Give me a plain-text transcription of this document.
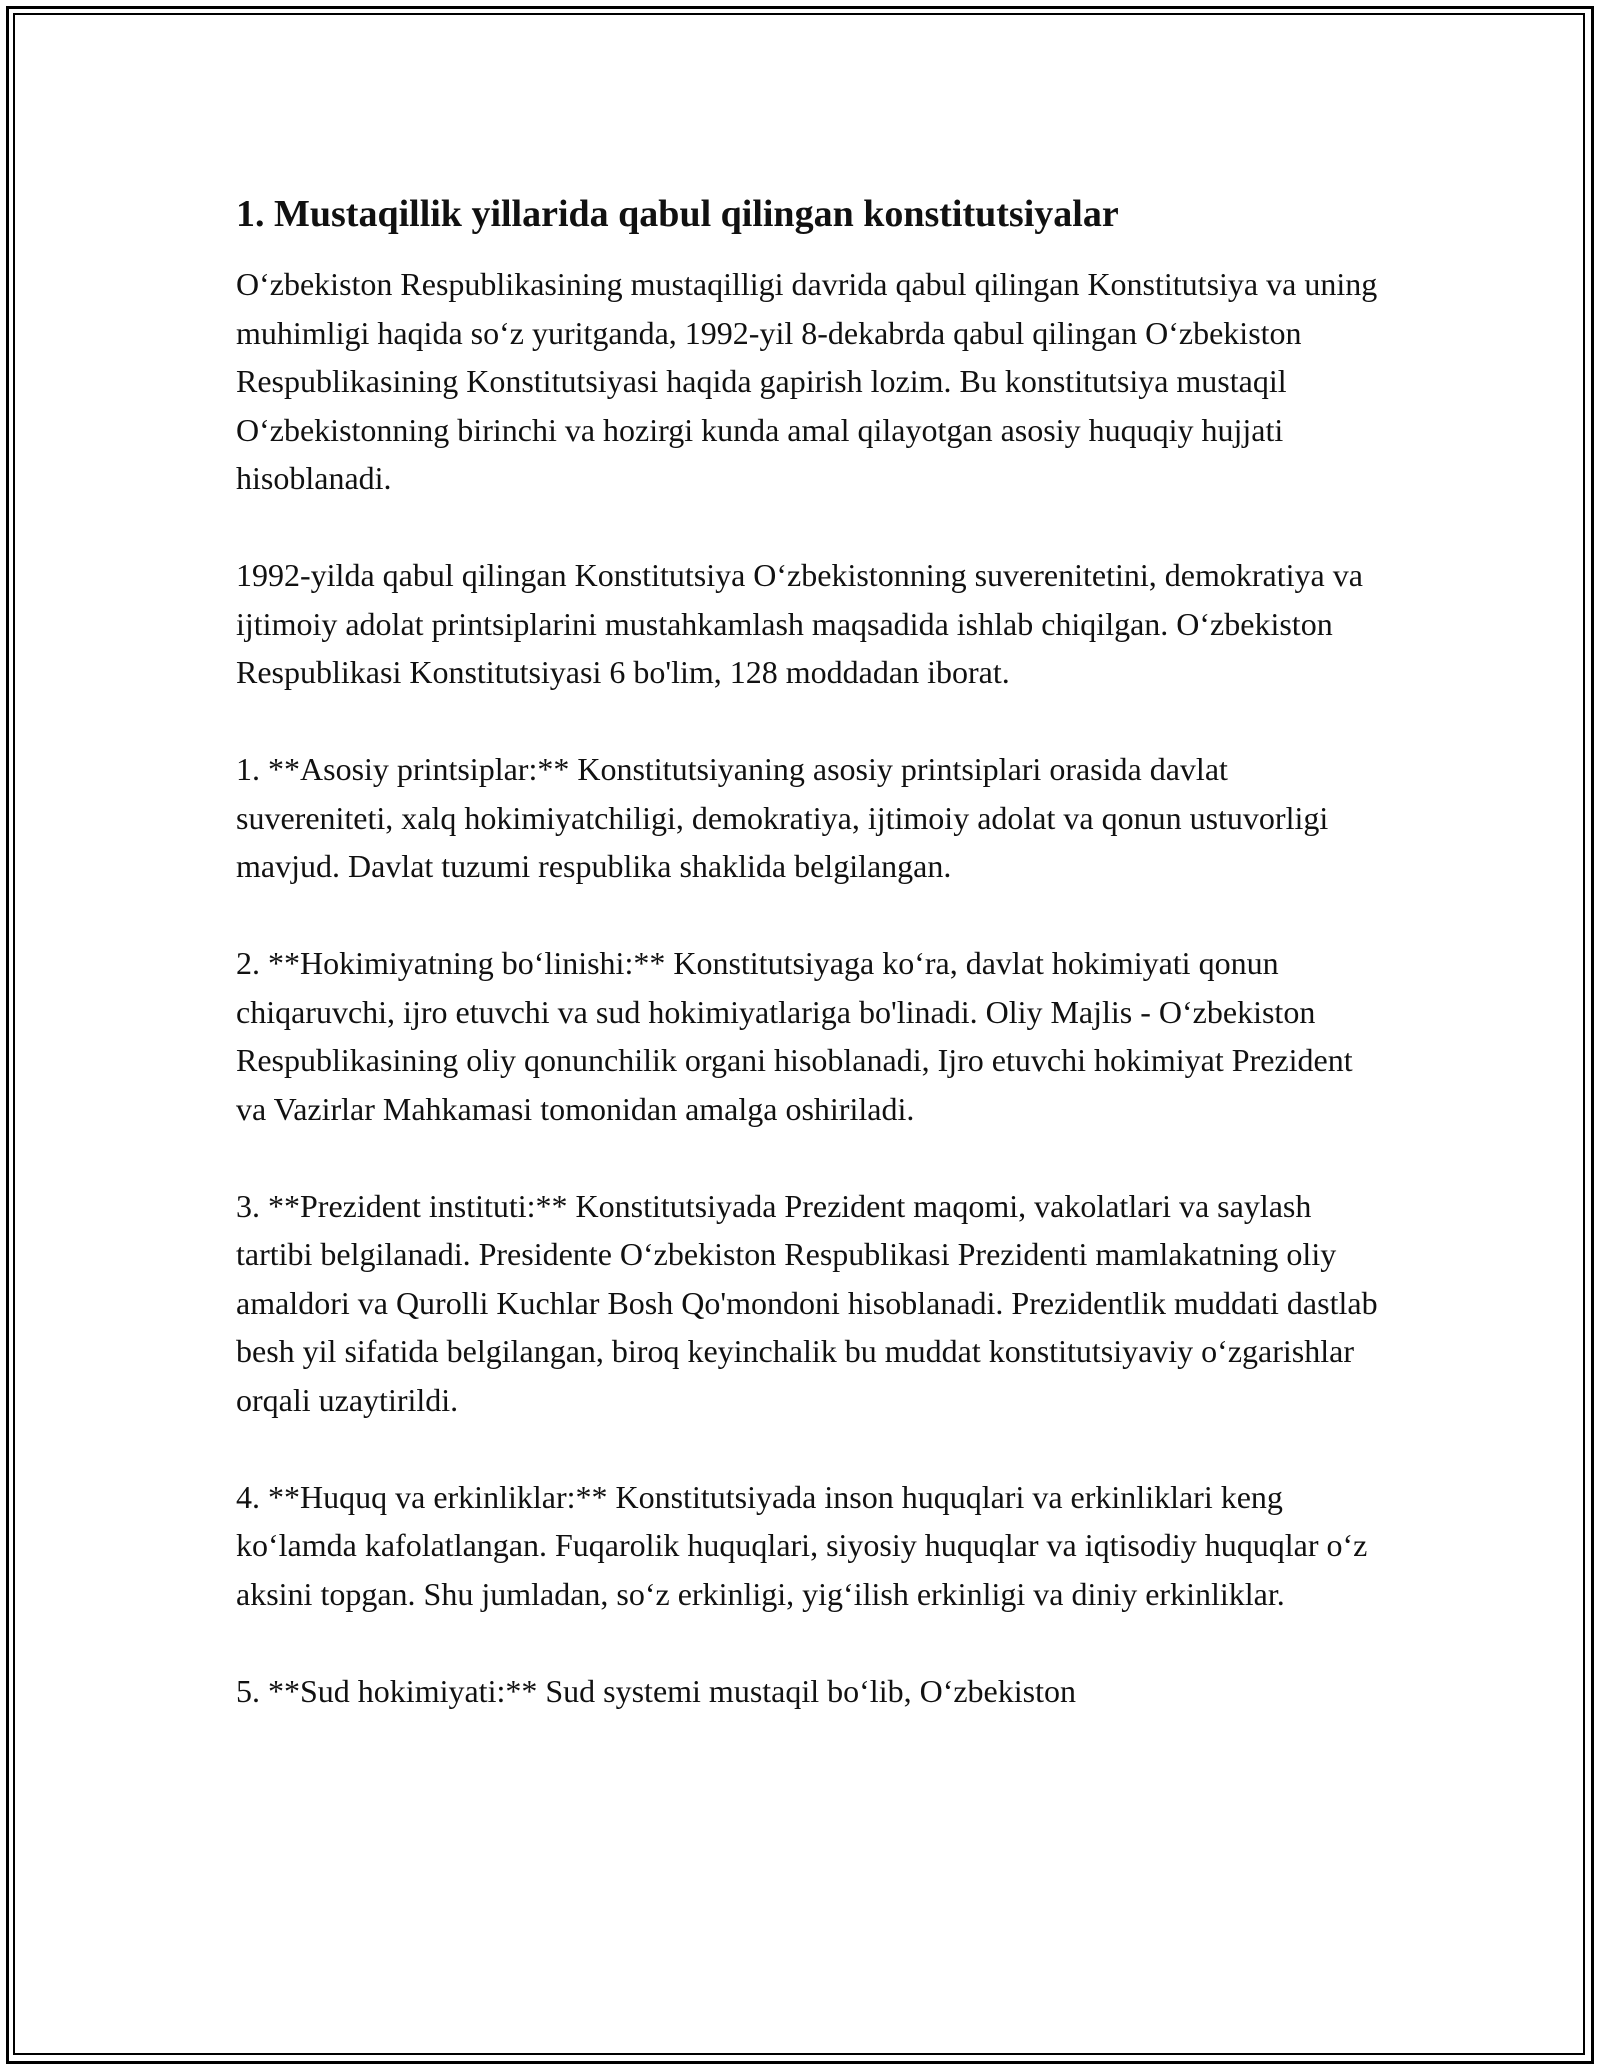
1. Mustaqillik yillarida qabul qilingan konstitutsiyalar

O‘zbekiston Respublikasining mustaqilligi davrida qabul qilingan Konstitutsiya va uning muhimligi haqida so‘z yuritganda, 1992-yil 8-dekabrda qabul qilingan O‘zbekiston Respublikasining Konstitutsiyasi haqida gapirish lozim. Bu konstitutsiya mustaqil O‘zbekistonning birinchi va hozirgi kunda amal qilayotgan asosiy huquqiy hujjati hisoblanadi.

1992-yilda qabul qilingan Konstitutsiya O‘zbekistonning suverenitetini, demokratiya va ijtimoiy adolat printsiplarini mustahkamlash maqsadida ishlab chiqilgan. O‘zbekiston Respublikasi Konstitutsiyasi 6 bo'lim, 128 moddadan iborat.

1. **Asosiy printsiplar:** Konstitutsiyaning asosiy printsiplari orasida davlat suvereniteti, xalq hokimiyatchiligi, demokratiya, ijtimoiy adolat va qonun ustuvorligi mavjud. Davlat tuzumi respublika shaklida belgilangan.

2. **Hokimiyatning bo‘linishi:** Konstitutsiyaga ko‘ra, davlat hokimiyati qonun chiqaruvchi, ijro etuvchi va sud hokimiyatlariga bo'linadi. Oliy Majlis - O‘zbekiston Respublikasining oliy qonunchilik organi hisoblanadi, Ijro etuvchi hokimiyat Prezident va Vazirlar Mahkamasi tomonidan amalga oshiriladi.

3. **Prezident instituti:** Konstitutsiyada Prezident maqomi, vakolatlari va saylash tartibi belgilanadi. Presidente O‘zbekiston Respublikasi Prezidenti mamlakatning oliy amaldori va Qurolli Kuchlar Bosh Qo'mondoni hisoblanadi. Prezidentlik muddati dastlab besh yil sifatida belgilangan, biroq keyinchalik bu muddat konstitutsiyaviy o‘zgarishlar orqali uzaytirildi.

4. **Huquq va erkinliklar:** Konstitutsiyada inson huquqlari va erkinliklari keng ko‘lamda kafolatlangan. Fuqarolik huquqlari, siyosiy huquqlar va iqtisodiy huquqlar o‘z aksini topgan. Shu jumladan, so‘z erkinligi, yig‘ilish erkinligi va diniy erkinliklar.

5. **Sud hokimiyati:** Sud systemi mustaqil bo‘lib, O‘zbekiston
